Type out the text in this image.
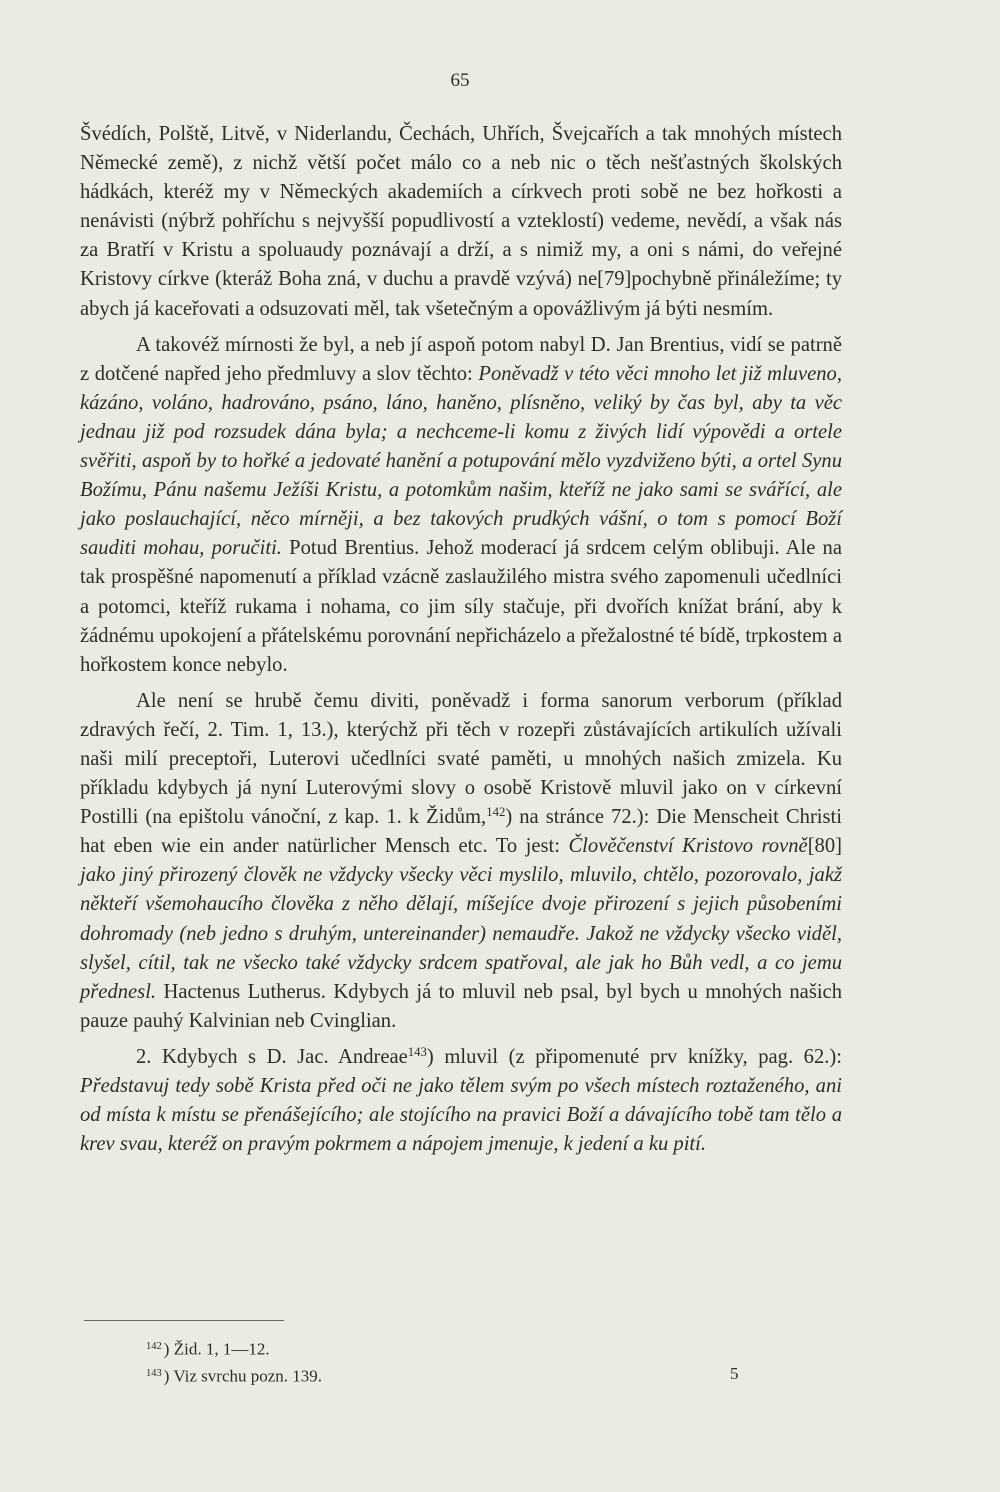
65

Švédích, Polště, Litvě, v Niderlandu, Čechách, Uhřích, Švejcařích a tak mnohých místech Německé země), z nichž větší počet málo co a neb nic o těch nešťastných školských hádkách, kteréž my v Německých akademiích a církvech proti sobě ne bez hořkosti a nenávisti (nýbrž pohříchu s nejvyšší popudlivostí a vzteklostí) vedeme, nevědí, a však nás za Bratří v Kristu a spoluaudy poznávají a drží, a s nimiž my, a oni s námi, do veřejné Kristovy církve (kteráž Boha zná, v duchu a pravdě vzývá) ne[79]pochybně přináležíme; ty abych já kaceřovati a odsuzovati měl, tak všetečným a opovážlivým já býti nesmím.

A takovéž mírnosti že byl, a neb jí aspoň potom nabyl D. Jan Brentius, vidí se patrně z dotčené napřed jeho předmluvy a slov těchto: Poněvadž v této věci mnoho let již mluveno, kázáno, voláno, hadrováno, psáno, láno, haněno, plísněno, veliký by čas byl, aby ta věc jednau již pod rozsudek dána byla; a nechceme-li komu z živých lidí výpovědi a ortele svěřiti, aspoň by to hořké a jedovaté hanění a potupování mělo vyzdviženo býti, a ortel Synu Božímu, Pánu našemu Ježíši Kristu, a potomkům našim, kteříž ne jako sami se svářící, ale jako poslauchající, něco mírněji, a bez takových prudkých vášní, o tom s pomocí Boží sauditi mohau, poručiti. Potud Brentius. Jehož moderací já srdcem celým oblibuji. Ale na tak prospěšné napomenutí a příklad vzácně zaslaužilého mistra svého zapomenuli učedlníci a potomci, kteříž rukama i nohama, co jim síly stačuje, při dvořích knížat brání, aby k žádnému upokojení a přátelskému porovnání nepřicházelo a přežalostné té bídě, trpkostem a hořkostem konce nebylo.

Ale není se hrubě čemu diviti, poněvadž i forma sanorum verborum (příklad zdravých řečí, 2. Tim. 1, 13.), kterýchž při těch v rozepři zůstávajících artikulích užívali naši milí preceptoři, Luterovi učedlníci svaté paměti, u mnohých našich zmizela. Ku příkladu kdybych já nyní Luterovými slovy o osobě Kristově mluvil jako on v církevní Postilli (na epištolu vánoční, z kap. 1. k Židům,$^{142}$) na stránce 72.): Die Menscheit Christi hat eben wie ein ander natürlicher Mensch etc. To jest: Člověčenství Kristovo rovně[80] jako jiný přirozený člověk ne vždycky všecky věci myslilo, mluvilo, chtělo, pozorovalo, jakž někteří všemohaucího člověka z něho dělají, míšejíce dvoje přirození s jejich působeními dohromady (neb jedno s druhým, untereinander) nemaudře. Jakož ne vždycky všecko viděl, slyšel, cítil, tak ne všecko také vždycky srdcem spatřoval, ale jak ho Bůh vedl, a co jemu přednesl. Hactenus Lutherus. Kdybych já to mluvil neb psal, byl bych u mnohých našich pauze pauhý Kalvinian neb Cvinglian.

2. Kdybych s D. Jac. Andreae$^{143}$) mluvil (z připomenuté prv knížky, pag. 62.): Představuj tedy sobě Krista před oči ne jako tělem svým po všech místech roztaženého, ani od místa k místu se přenášejícího; ale stojícího na pravici Boží a dávajícího tobě tam tělo a krev svau, kteréž on pravým pokrmem a nápojem jmenuje, k jedení a ku pití.

$^{142}$ ) Žid. 1, 1—12.
$^{143}$ ) Viz svrchu pozn. 139.	5
